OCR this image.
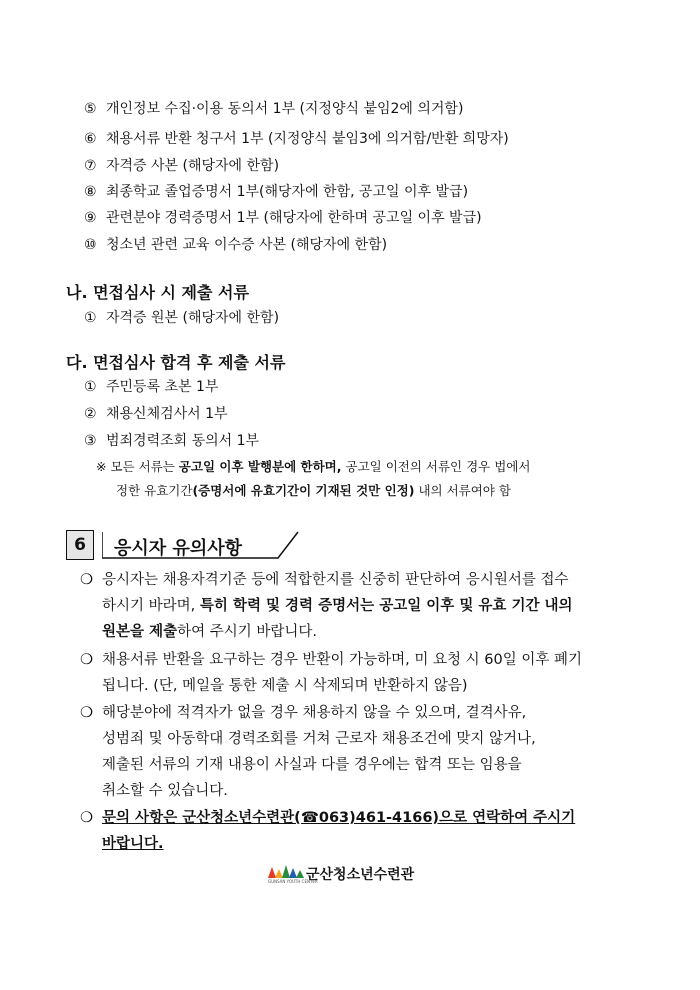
⑤ 개인정보 수집·이용 동의서 1부 (지정양식 붙임2에 의거함)
⑥ 채용서류 반환 청구서 1부 (지정양식 붙임3에 의거함/반환 희망자)
⑦ 자격증 사본 (해당자에 한함)
⑧ 최종학교 졸업증명서 1부(해당자에 한함, 공고일 이후 발급)
⑨ 관련분야 경력증명서 1부 (해당자에 한하며 공고일 이후 발급)
⑩ 청소년 관련 교육 이수증 사본 (해당자에 한함)
나. 면접심사 시 제출 서류
① 자격증 원본 (해당자에 한함)
다. 면접심사 합격 후 제출 서류
① 주민등록 초본 1부
② 채용신체검사서 1부
③ 범죄경력조회 동의서 1부
※ 모든 서류는 공고일 이후 발행분에 한하며, 공고일 이전의 서류인 경우 법에서
정한 유효기간(증명서에 유효기간이 기재된 것만 인정) 내의 서류여야 함
6	응시자 유의사항
❍ 응시자는 채용자격기준 등에 적합한지를 신중히 판단하여 응시원서를 접수
하시기 바라며, 특히 학력 및 경력 증명서는 공고일 이후 및 유효 기간 내의
원본을 제출하여 주시기 바랍니다.
❍ 채용서류 반환을 요구하는 경우 반환이 가능하며, 미 요청 시 60일 이후 폐기
됩니다. (단, 메일을 통한 제출 시 삭제되며 반환하지 않음)
❍ 해당분야에 적격자가 없을 경우 채용하지 않을 수 있으며, 결격사유,
성범죄 및 아동학대 경력조회를 거쳐 근로자 채용조건에 맞지 않거나,
제출된 서류의 기재 내용이 사실과 다를 경우에는 합격 또는 임용을
취소할 수 있습니다.
❍ 문의 사항은 군산청소년수련관(☎063)461-4166)으로 연락하여 주시기
바랍니다.
GUNSAN YOUTH CENTER
군산청소년수련관
